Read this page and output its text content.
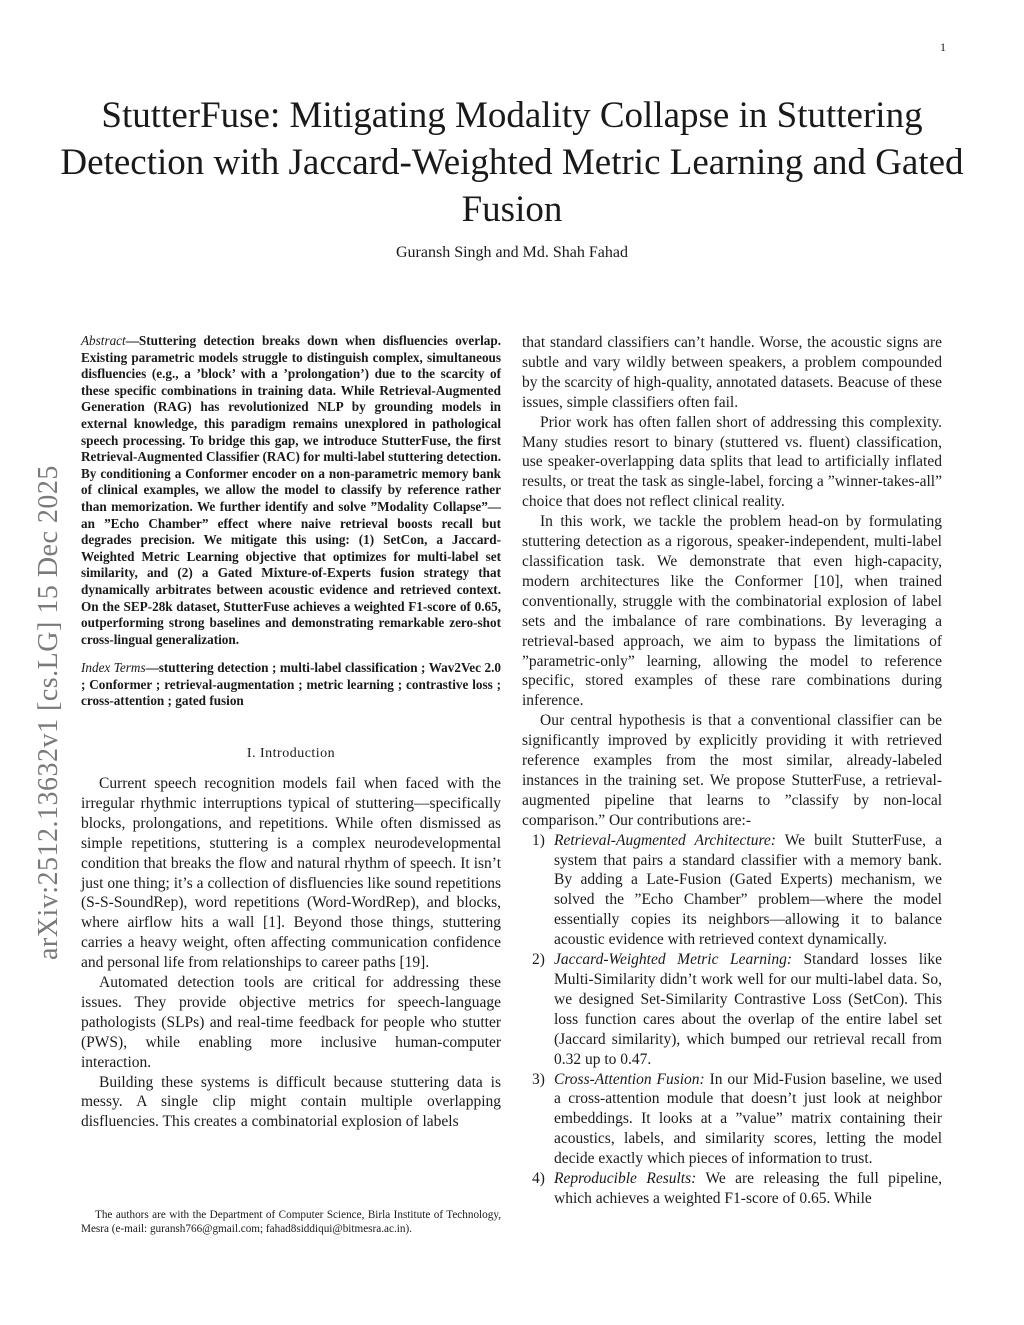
1
arXiv:2512.13632v1 [cs.LG] 15 Dec 2025
StutterFuse: Mitigating Modality Collapse in Stuttering Detection with Jaccard-Weighted Metric Learning and Gated Fusion
Guransh Singh and Md. Shah Fahad

Abstract—Stuttering detection breaks down when disfluencies overlap. Existing parametric models struggle to distinguish complex, simultaneous disfluencies (e.g., a ’block’ with a ’prolongation’) due to the scarcity of these specific combinations in training data. While Retrieval-Augmented Generation (RAG) has revolutionized NLP by grounding models in external knowledge, this paradigm remains unexplored in pathological speech processing. To bridge this gap, we introduce StutterFuse, the first Retrieval-Augmented Classifier (RAC) for multi-label stuttering detection. By conditioning a Conformer encoder on a non-parametric memory bank of clinical examples, we allow the model to classify by reference rather than memorization. We further identify and solve ”Modality Collapse”—an ”Echo Chamber” effect where naive retrieval boosts recall but degrades precision. We mitigate this using: (1) SetCon, a Jaccard-Weighted Metric Learning objective that optimizes for multi-label set similarity, and (2) a Gated Mixture-of-Experts fusion strategy that dynamically arbitrates between acoustic evidence and retrieved context. On the SEP-28k dataset, StutterFuse achieves a weighted F1-score of 0.65, outperforming strong baselines and demonstrating remarkable zero-shot cross-lingual generalization.

Index Terms—stuttering detection ; multi-label classification ; Wav2Vec 2.0 ; Conformer ; retrieval-augmentation ; metric learning ; contrastive loss ; cross-attention ; gated fusion

I. Introduction

Current speech recognition models fail when faced with the irregular rhythmic interruptions typical of stuttering—specifically blocks, prolongations, and repetitions. While often dismissed as simple repetitions, stuttering is a complex neurodevelopmental condition that breaks the flow and natural rhythm of speech. It isn’t just one thing; it’s a collection of disfluencies like sound repetitions (S-S-SoundRep), word repetitions (Word-WordRep), and blocks, where airflow hits a wall [1]. Beyond those things, stuttering carries a heavy weight, often affecting communication confidence and personal life from relationships to career paths [19].

Automated detection tools are critical for addressing these issues. They provide objective metrics for speech-language pathologists (SLPs) and real-time feedback for people who stutter (PWS), while enabling more inclusive human-computer interaction.

Building these systems is difficult because stuttering data is messy. A single clip might contain multiple overlapping disfluencies. This creates a combinatorial explosion of labels

The authors are with the Department of Computer Science, Birla Institute of Technology, Mesra (e-mail: guransh766@gmail.com; fahad8siddiqui@bitmesra.ac.in).

that standard classifiers can’t handle. Worse, the acoustic signs are subtle and vary wildly between speakers, a problem compounded by the scarcity of high-quality, annotated datasets. Beacuse of these issues, simple classifiers often fail.

Prior work has often fallen short of addressing this complexity. Many studies resort to binary (stuttered vs. fluent) classification, use speaker-overlapping data splits that lead to artificially inflated results, or treat the task as single-label, forcing a ”winner-takes-all” choice that does not reflect clinical reality.

In this work, we tackle the problem head-on by formulating stuttering detection as a rigorous, speaker-independent, multi-label classification task. We demonstrate that even high-capacity, modern architectures like the Conformer [10], when trained conventionally, struggle with the combinatorial explosion of label sets and the imbalance of rare combinations. By leveraging a retrieval-based approach, we aim to bypass the limitations of ”parametric-only” learning, allowing the model to reference specific, stored examples of these rare combinations during inference.

Our central hypothesis is that a conventional classifier can be significantly improved by explicitly providing it with retrieved reference examples from the most similar, already-labeled instances in the training set. We propose StutterFuse, a retrieval-augmented pipeline that learns to ”classify by non-local comparison.” Our contributions are:-

1) Retrieval-Augmented Architecture: We built StutterFuse, a system that pairs a standard classifier with a memory bank. By adding a Late-Fusion (Gated Experts) mechanism, we solved the ”Echo Chamber” problem—where the model essentially copies its neighbors—allowing it to balance acoustic evidence with retrieved context dynamically.
2) Jaccard-Weighted Metric Learning: Standard losses like Multi-Similarity didn’t work well for our multi-label data. So, we designed Set-Similarity Contrastive Loss (SetCon). This loss function cares about the overlap of the entire label set (Jaccard similarity), which bumped our retrieval recall from 0.32 up to 0.47.
3) Cross-Attention Fusion: In our Mid-Fusion baseline, we used a cross-attention module that doesn’t just look at neighbor embeddings. It looks at a ”value” matrix containing their acoustics, labels, and similarity scores, letting the model decide exactly which pieces of information to trust.
4) Reproducible Results: We are releasing the full pipeline, which achieves a weighted F1-score of 0.65. While
